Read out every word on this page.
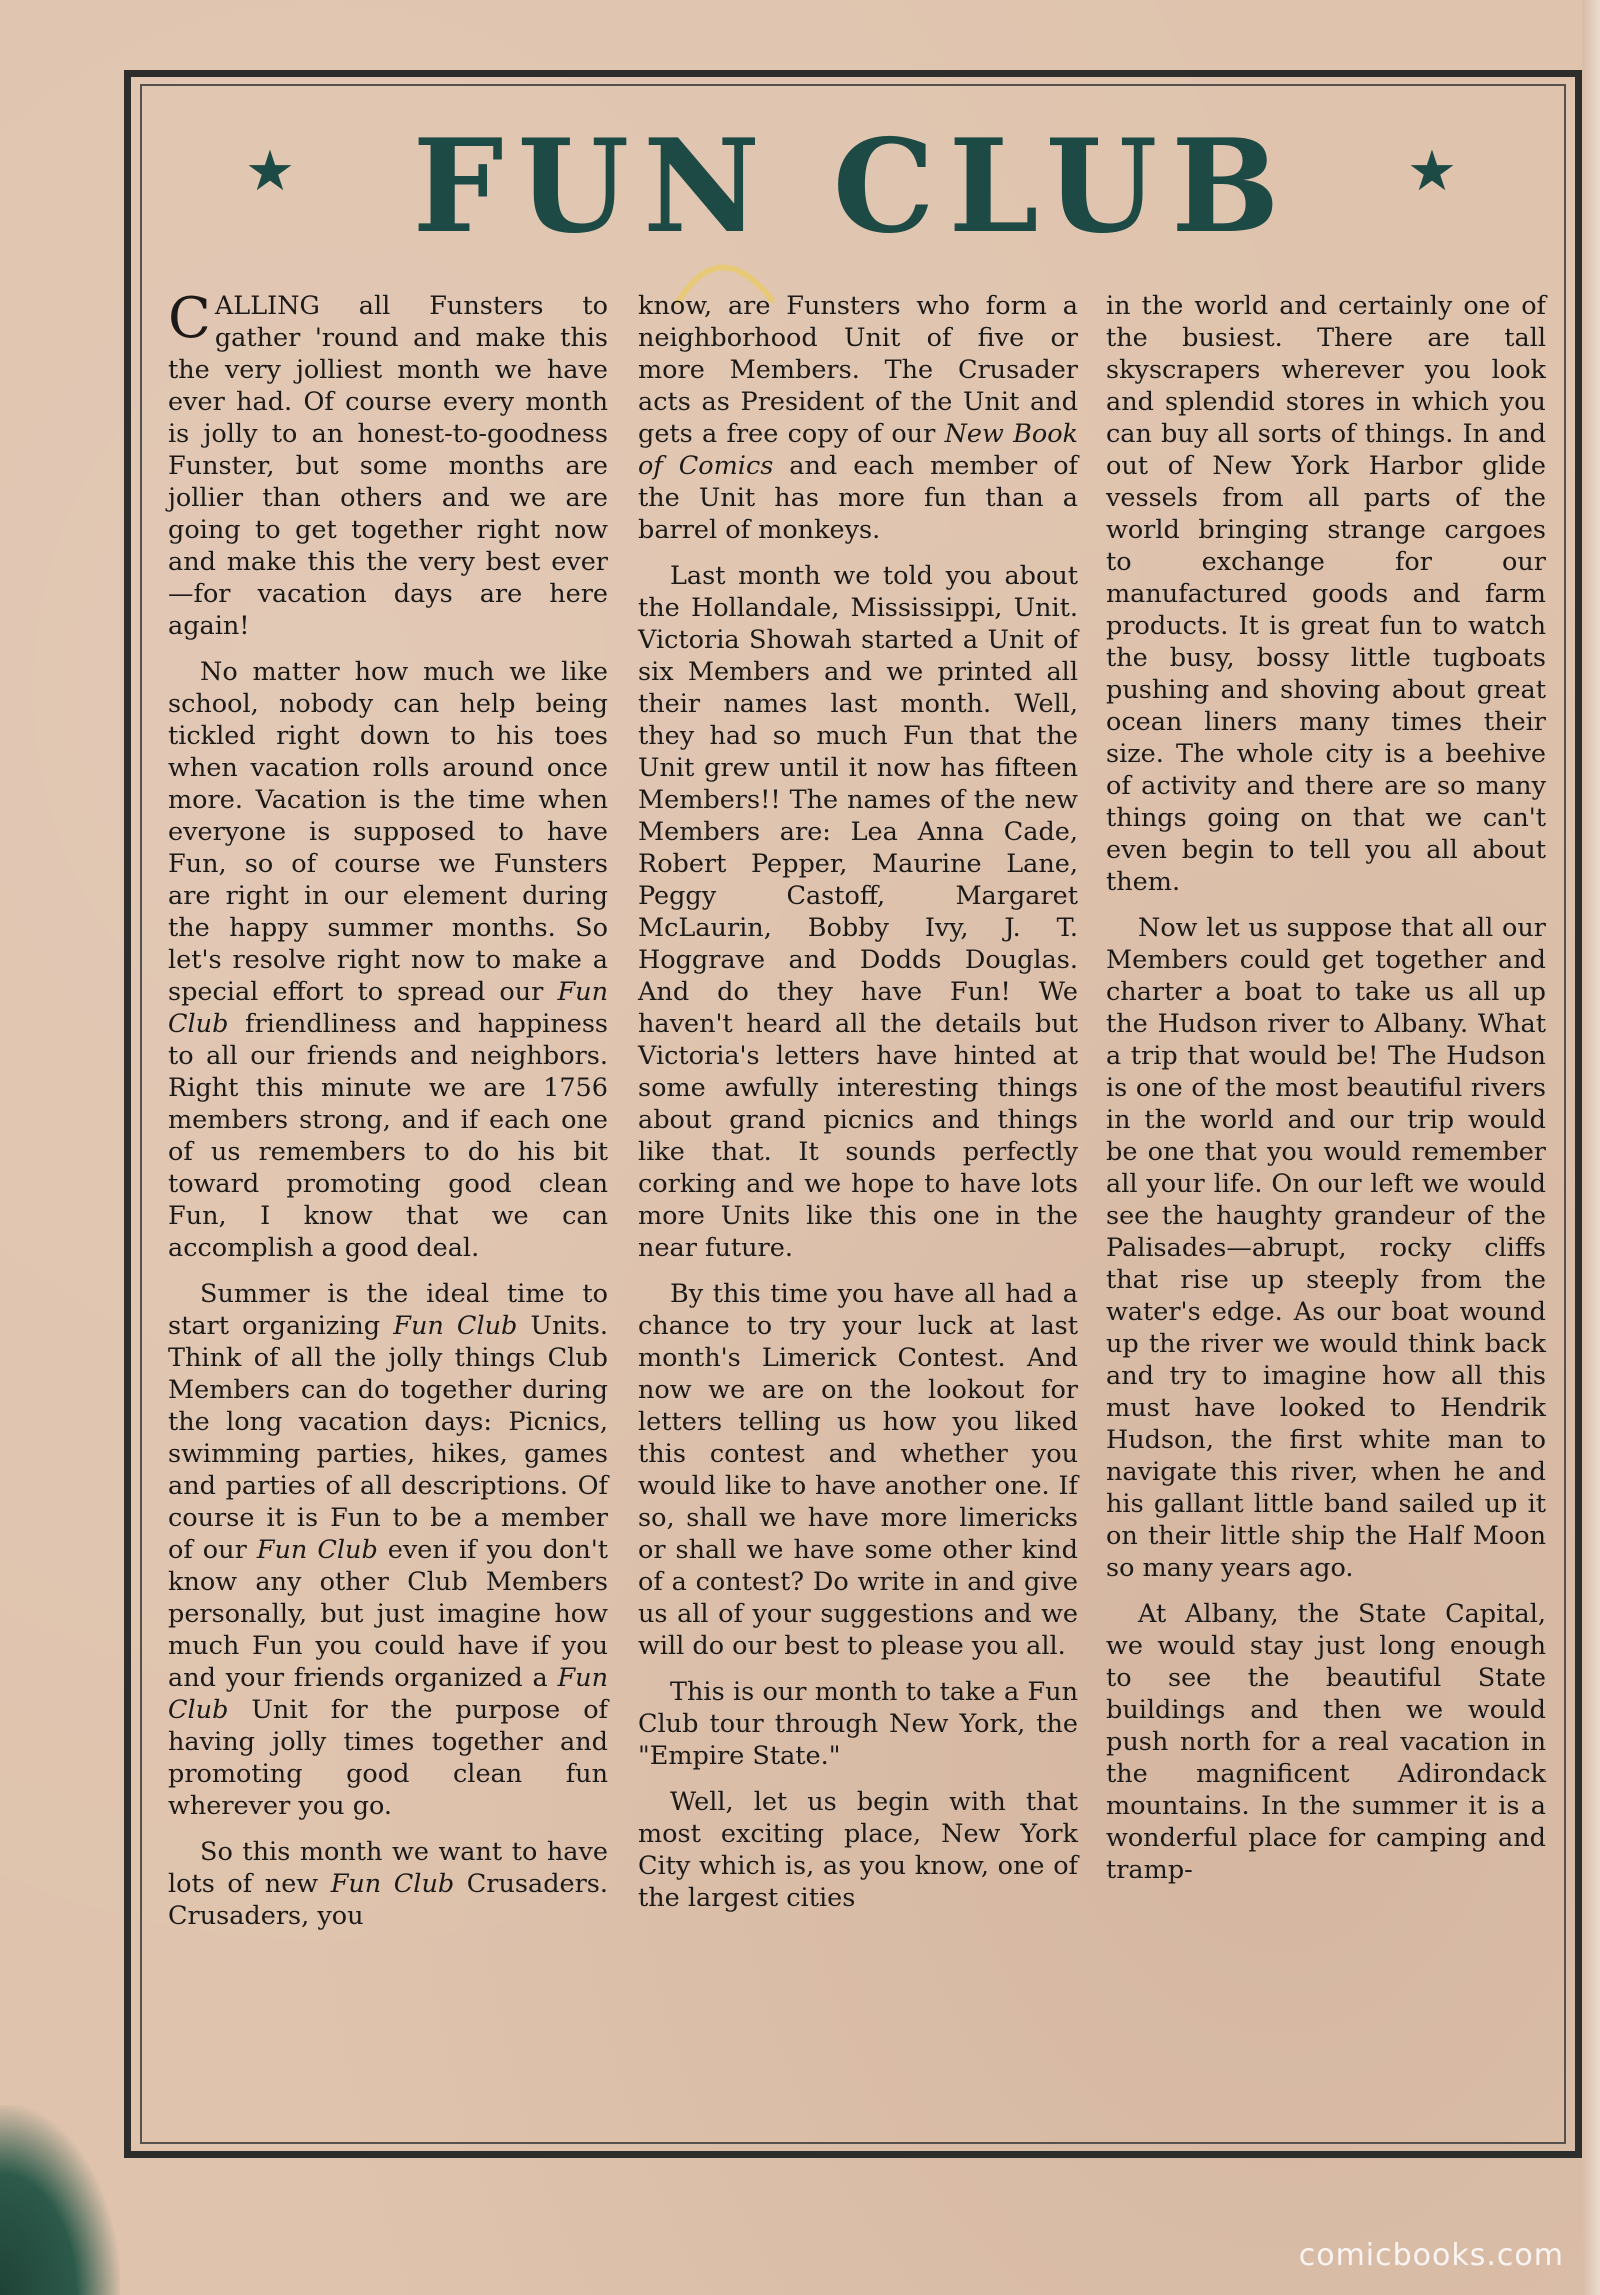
★ FUN CLUB	★

CALLING all Funsters to gather 'round and make this the very jolliest month we have ever had. Of course every month is jolly to an honest-to-goodness Funster, but some months are jollier than others and we are going to get together right now and make this the very best ever—for vacation days are here again!

No matter how much we like school, nobody can help being tickled right down to his toes when vacation rolls around once more. Vacation is the time when everyone is supposed to have Fun, so of course we Funsters are right in our element during the happy summer months. So let's resolve right now to make a special effort to spread our Fun Club friendliness and happiness to all our friends and neighbors. Right this minute we are 1756 members strong, and if each one of us remembers to do his bit toward promoting good clean Fun, I know that we can accomplish a good deal.

Summer is the ideal time to start organizing Fun Club Units. Think of all the jolly things Club Members can do together during the long vacation days: Picnics, swimming parties, hikes, games and parties of all descriptions. Of course it is Fun to be a member of our Fun Club even if you don't know any other Club Members personally, but just imagine how much Fun you could have if you and your friends organized a Fun Club Unit for the purpose of having jolly times together and promoting good clean fun wherever you go.

So this month we want to have lots of new Fun Club Crusaders. Crusaders, you

know, are Funsters who form a neighborhood Unit of five or more Members. The Crusader acts as President of the Unit and gets a free copy of our New Book of Comics and each member of the Unit has more fun than a barrel of monkeys.

Last month we told you about the Hollandale, Mississippi, Unit. Victoria Showah started a Unit of six Members and we printed all their names last month. Well, they had so much Fun that the Unit grew until it now has fifteen Members!! The names of the new Members are: Lea Anna Cade, Robert Pepper, Maurine Lane, Peggy Castoff, Margaret McLaurin, Bobby Ivy, J. T. Hoggrave and Dodds Douglas. And do they have Fun! We haven't heard all the details but Victoria's letters have hinted at some awfully interesting things about grand picnics and things like that. It sounds perfectly corking and we hope to have lots more Units like this one in the near future.

By this time you have all had a chance to try your luck at last month's Limerick Contest. And now we are on the lookout for letters telling us how you liked this contest and whether you would like to have another one. If so, shall we have more limericks or shall we have some other kind of a contest? Do write in and give us all of your suggestions and we will do our best to please you all.

This is our month to take a Fun Club tour through New York, the "Empire State."

Well, let us begin with that most exciting place, New York City which is, as you know, one of the largest cities

in the world and certainly one of the busiest. There are tall skyscrapers wherever you look and splendid stores in which you can buy all sorts of things. In and out of New York Harbor glide vessels from all parts of the world bringing strange cargoes to exchange for our manufactured goods and farm products. It is great fun to watch the busy, bossy little tugboats pushing and shoving about great ocean liners many times their size. The whole city is a beehive of activity and there are so many things going on that we can't even begin to tell you all about them.

Now let us suppose that all our Members could get together and charter a boat to take us all up the Hudson river to Albany. What a trip that would be! The Hudson is one of the most beautiful rivers in the world and our trip would be one that you would remember all your life. On our left we would see the haughty grandeur of the Palisades—abrupt, rocky cliffs that rise up steeply from the water's edge. As our boat wound up the river we would think back and try to imagine how all this must have looked to Hendrik Hudson, the first white man to navigate this river, when he and his gallant little band sailed up it on their little ship the Half Moon so many years ago.

At Albany, the State Capital, we would stay just long enough to see the beautiful State buildings and then we would push north for a real vacation in the magnificent Adirondack mountains. In the summer it is a wonderful place for camping and tramp-

comicbooks.com
